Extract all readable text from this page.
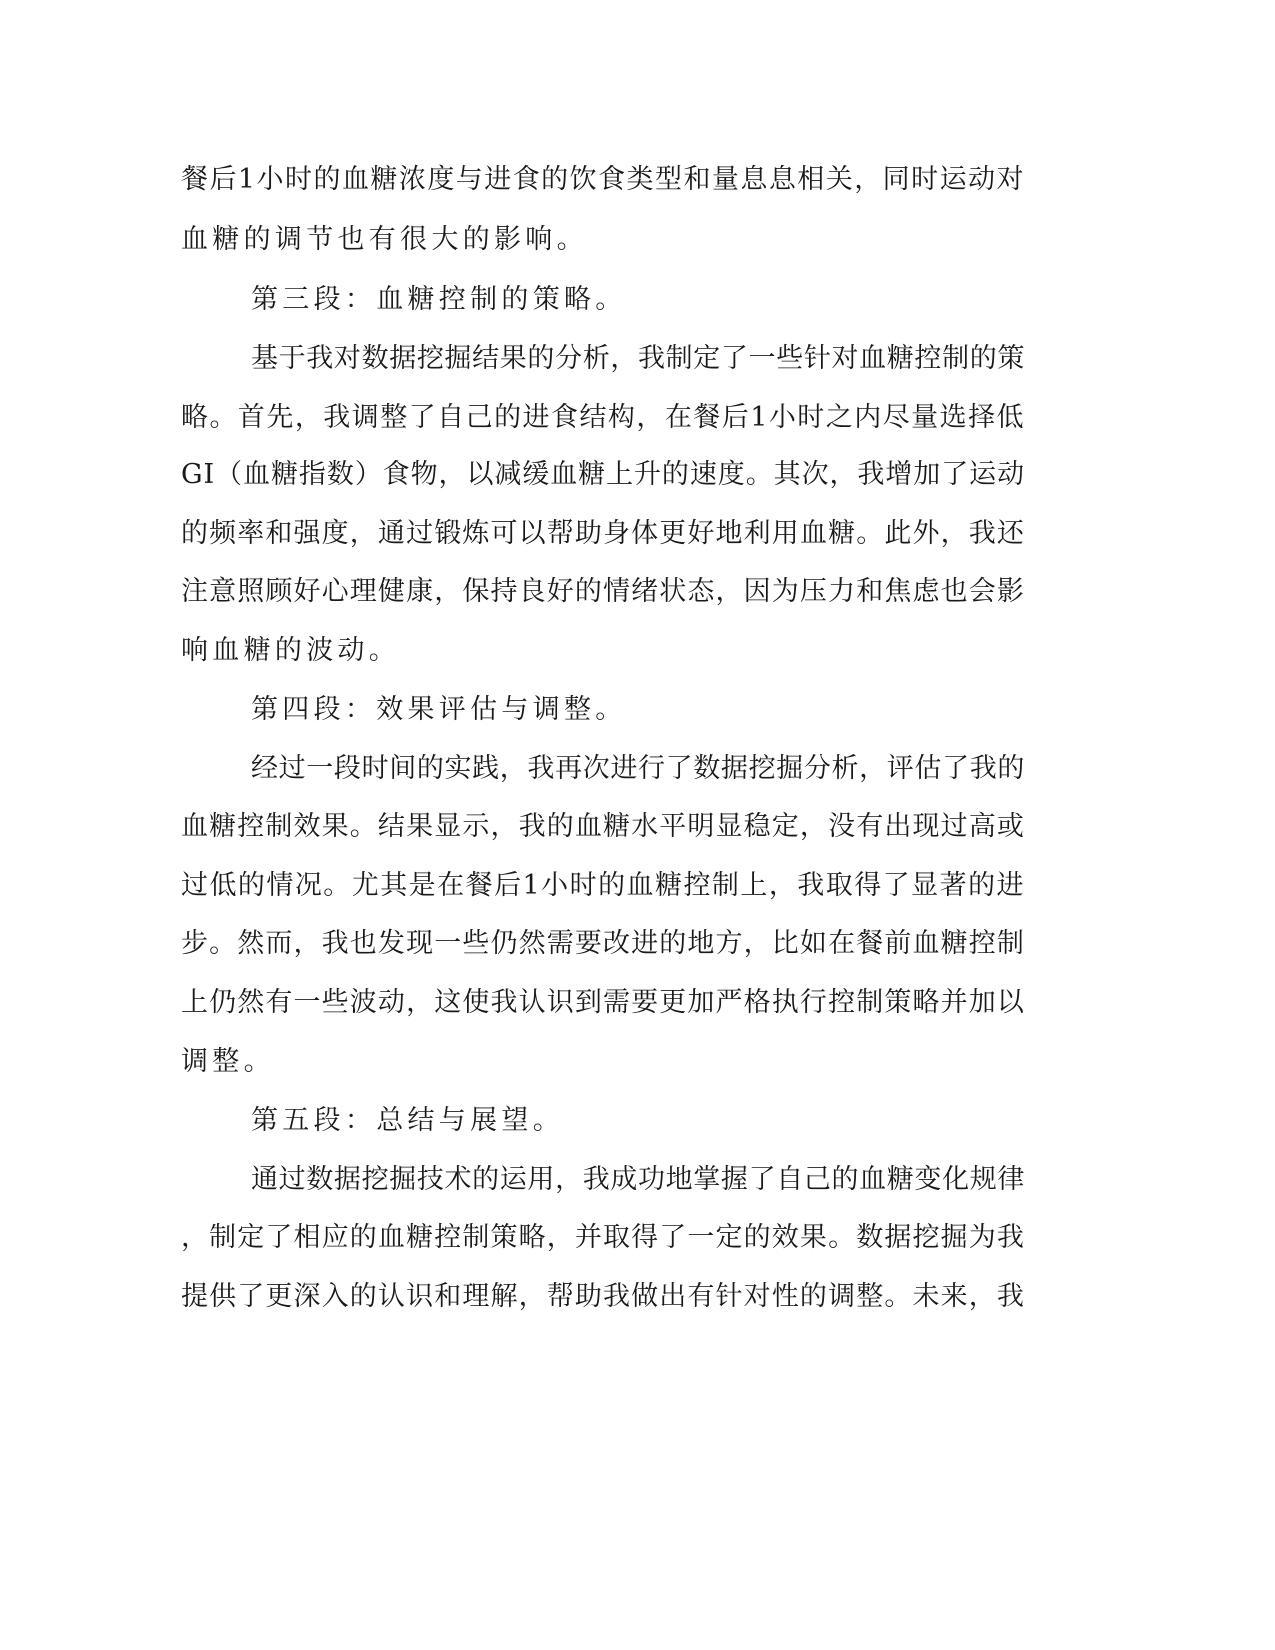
餐后1小时的血糖浓度与进食的饮食类型和量息息相关，同时运动对
血糖的调节也有很大的影响。
第三段：血糖控制的策略。
基于我对数据挖掘结果的分析，我制定了一些针对血糖控制的策
略。首先，我调整了自己的进食结构，在餐后1小时之内尽量选择低
GI（血糖指数）食物，以减缓血糖上升的速度。其次，我增加了运动
的频率和强度，通过锻炼可以帮助身体更好地利用血糖。此外，我还
注意照顾好心理健康，保持良好的情绪状态，因为压力和焦虑也会影
响血糖的波动。
第四段：效果评估与调整。
经过一段时间的实践，我再次进行了数据挖掘分析，评估了我的
血糖控制效果。结果显示，我的血糖水平明显稳定，没有出现过高或
过低的情况。尤其是在餐后1小时的血糖控制上，我取得了显著的进
步。然而，我也发现一些仍然需要改进的地方，比如在餐前血糖控制
上仍然有一些波动，这使我认识到需要更加严格执行控制策略并加以
调整。
第五段：总结与展望。
通过数据挖掘技术的运用，我成功地掌握了自己的血糖变化规律
，制定了相应的血糖控制策略，并取得了一定的效果。数据挖掘为我
提供了更深入的认识和理解，帮助我做出有针对性的调整。未来，我
